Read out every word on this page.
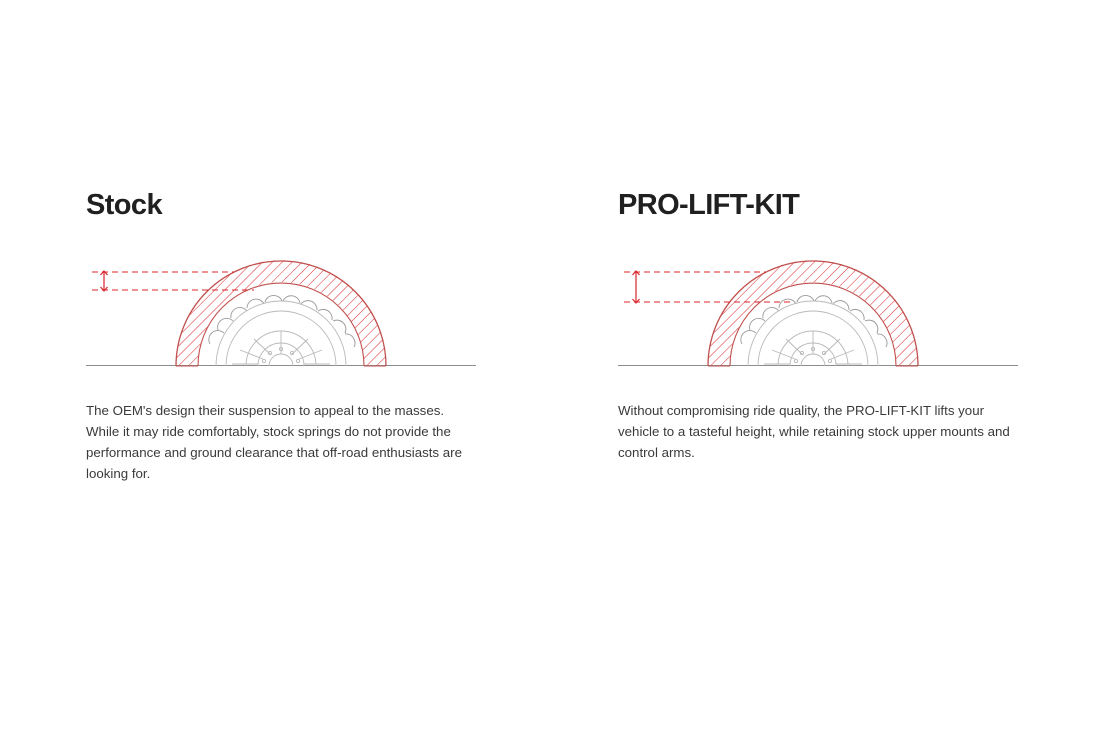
Stock

The OEM's design their suspension to appeal to the masses. While it may ride comfortably, stock springs do not provide the performance and ground clearance that off-road enthusiasts are looking for.

PRO-LIFT-KIT

Without compromising ride quality, the PRO-LIFT-KIT lifts your vehicle to a tasteful height, while retaining stock upper mounts and control arms.
